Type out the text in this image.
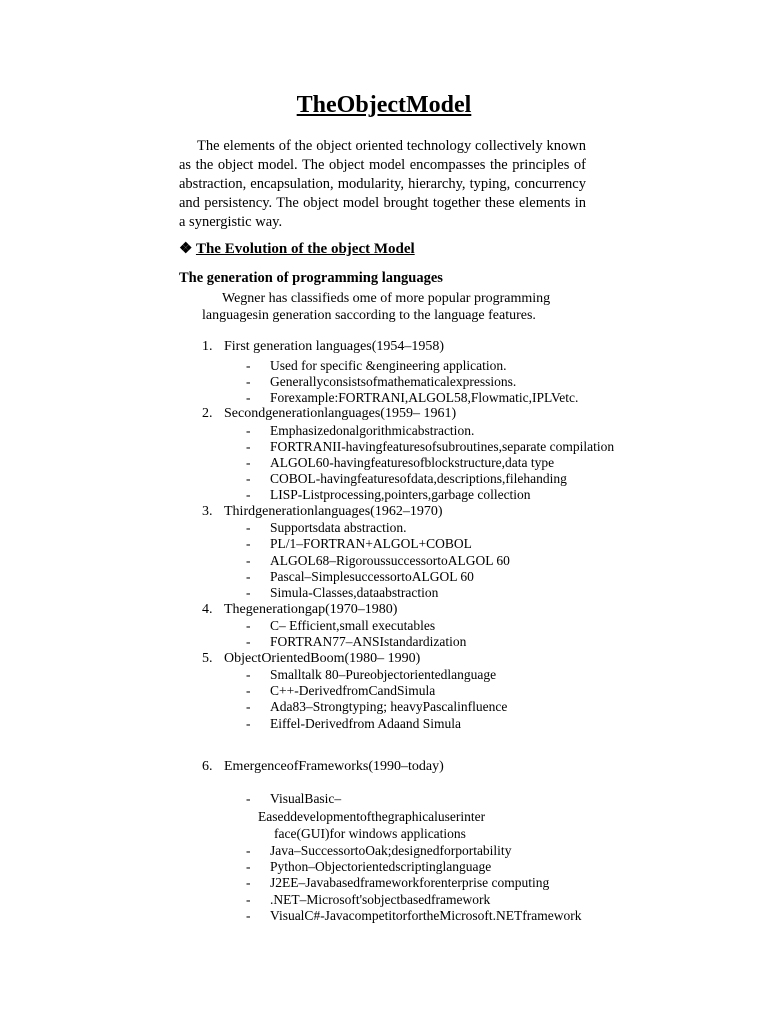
TheObjectModel

The elements of the object oriented technology collectively known as the object model. The object model encompasses the principles of abstraction, encapsulation, modularity, hierarchy, typing, concurrency and persistency. The object model brought together these elements in a synergistic way.

❖ The Evolution of the object Model
The generation of programming languages
Wegner has classifieds ome of more popular programming
languagesin generation saccording to the language features.
1. First generation languages(1954–1958)
- Used for specific &engineering application.
- Generallyconsistsofmathematicalexpressions.
- Forexample:FORTRANI,ALGOL58,Flowmatic,IPLVetc.
2. Secondgenerationlanguages(1959– 1961)
- Emphasizedonalgorithmicabstraction.
- FORTRANII-havingfeaturesofsubroutines,separate compilation
- ALGOL60-havingfeaturesofblockstructure,data type
- COBOL-havingfeaturesofdata,descriptions,filehanding
- LISP-Listprocessing,pointers,garbage collection
3. Thirdgenerationlanguages(1962–1970)
- Supportsdata abstraction.
- PL/1–FORTRAN+ALGOL+COBOL
- ALGOL68–RigoroussuccessortoALGOL 60
- Pascal–SimplesuccessortoALGOL 60
- Simula-Classes,dataabstraction
4. Thegenerationgap(1970–1980)
- C– Efficient,small executables
- FORTRAN77–ANSIstandardization
5. ObjectOrientedBoom(1980– 1990)
- Smalltalk 80–Pureobjectorientedlanguage
- C++-DerivedfromCandSimula
- Ada83–Strongtyping; heavyPascalinfluence
- Eiffel-Derivedfrom Adaand Simula
6. EmergenceofFrameworks(1990–today)
- VisualBasic–
Easeddevelopmentofthegraphicaluserinter
face(GUI)for windows applications
- Java–SuccessortoOak;designedforportability
- Python–Objectorientedscriptinglanguage
- J2EE–Javabasedframeworkforenterprise computing
- .NET–Microsoft'sobjectbasedframework
- VisualC#-JavacompetitorfortheMicrosoft.NETframework
